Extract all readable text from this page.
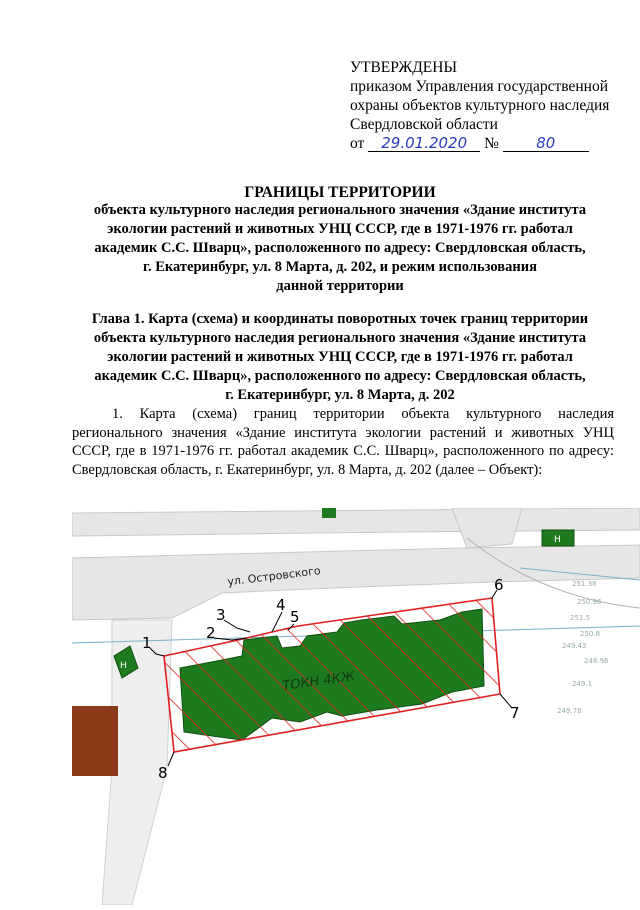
УТВЕРЖДЕНЫ
приказом Управления государственной
охраны объектов культурного наследия
Свердловской области
от 29.01.2020 № 80
ГРАНИЦЫ ТЕРРИТОРИИ
объекта культурного наследия регионального значения «Здание института
экологии растений и животных УНЦ СССР, где в 1971-1976 гг. работал
академик С.С. Шварц», расположенного по адресу: Свердловская область,
г. Екатеринбург, ул. 8 Марта, д. 202, и режим использования
данной территории
Глава 1. Карта (схема) и координаты поворотных точек границ территории
объекта культурного наследия регионального значения «Здание института
экологии растений и животных УНЦ СССР, где в 1971-1976 гг. работал
академик С.С. Шварц», расположенного по адресу: Свердловская область,
г. Екатеринбург, ул. 8 Марта, д. 202
1. Карта (схема) границ территории объекта культурного наследия регионального значения «Здание института экологии растений и животных УНЦ СССР, где в 1971-1976 гг. работал академик С.С. Шварц», расположенного по адресу: Свердловская область, г. Екатеринбург, ул. 8 Марта, д. 202 (далее – Объект):
251.38
250.96
251.5
250.8
249.43
248.96
249.1
249.78
Н
Н
ул. Островского
ТОКН 4КЖ
1
2
3
4
5
6
7
8
